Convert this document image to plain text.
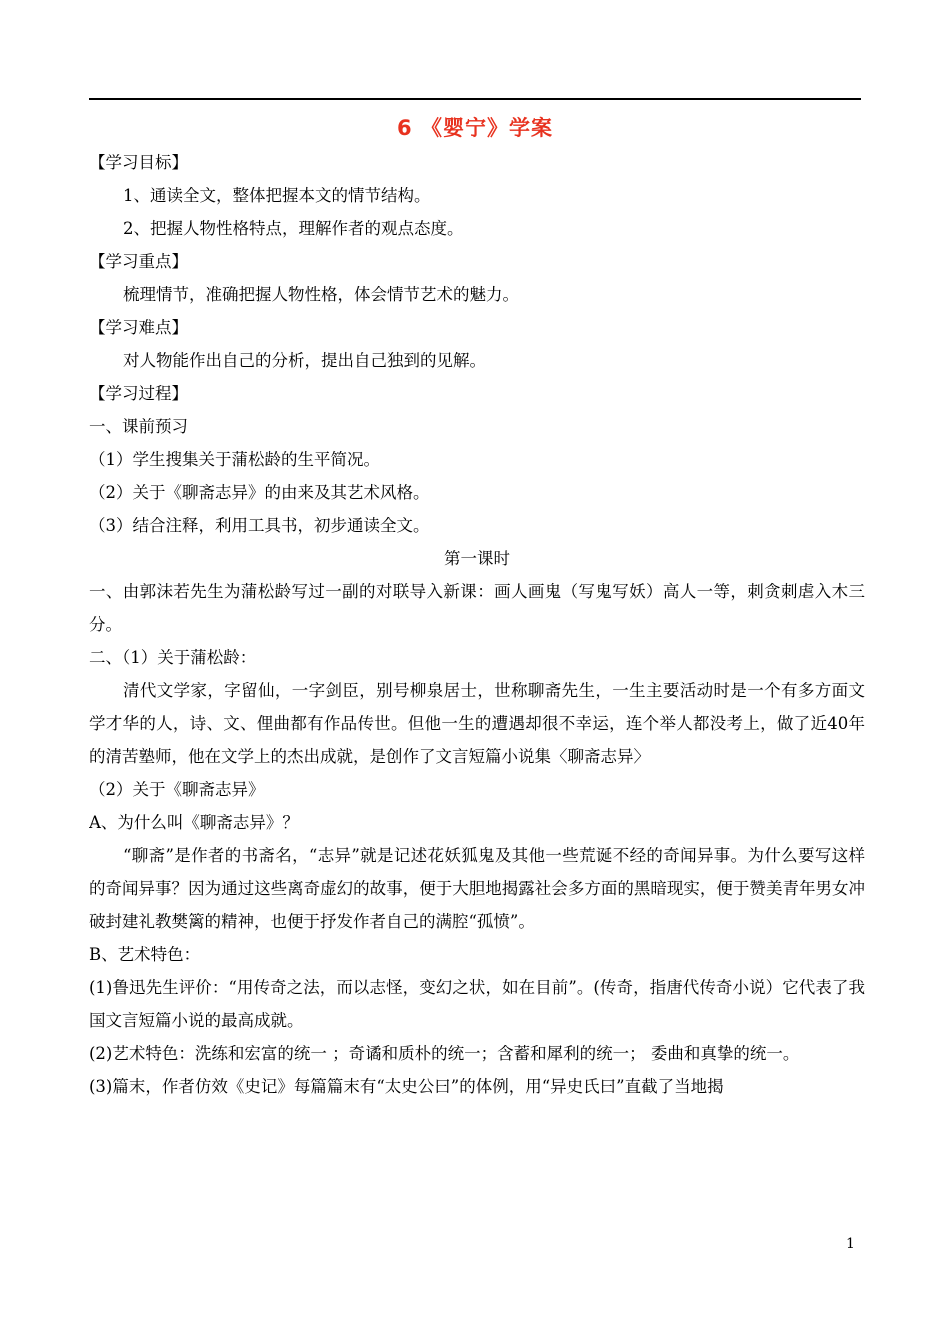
6 《婴宁》学案
【学习目标】
1、通读全文，整体把握本文的情节结构。
2、把握人物性格特点，理解作者的观点态度。
【学习重点】
梳理情节，准确把握人物性格，体会情节艺术的魅力。
【学习难点】
对人物能作出自己的分析，提出自己独到的见解。
【学习过程】
一、课前预习
（1）学生搜集关于蒲松龄的生平简况。
（2）关于《聊斋志异》的由来及其艺术风格。
（3）结合注释，利用工具书，初步通读全文。
第一课时
一、由郭沫若先生为蒲松龄写过一副的对联导入新课：画人画鬼（写鬼写妖）高人一等，刺贪刺虐入木三分。
二、（1）关于蒲松龄：
清代文学家，字留仙，一字剑臣，别号柳泉居士，世称聊斋先生，一生主要活动时是一个有多方面文学才华的人，诗、文、俚曲都有作品传世。但他一生的遭遇却很不幸运，连个举人都没考上，做了近40年的清苦塾师，他在文学上的杰出成就，是创作了文言短篇小说集〈聊斋志异〉
（2）关于《聊斋志异》
A、为什么叫《聊斋志异》？
“聊斋”是作者的书斋名，“志异”就是记述花妖狐鬼及其他一些荒诞不经的奇闻异事。为什么要写这样的奇闻异事？因为通过这些离奇虚幻的故事，便于大胆地揭露社会多方面的黑暗现实，便于赞美青年男女冲破封建礼教樊篱的精神，也便于抒发作者自己的满腔“孤愤”。
B、艺术特色：
(1)鲁迅先生评价：“用传奇之法，而以志怪，变幻之状，如在目前”。(传奇，指唐代传奇小说）它代表了我国文言短篇小说的最高成就。
(2)艺术特色：洗练和宏富的统一 ；奇谲和质朴的统一；含蓄和犀利的统一； 委曲和真挚的统一。
(3)篇末，作者仿效《史记》每篇篇末有“太史公曰”的体例，用“异史氏曰”直截了当地揭
1
